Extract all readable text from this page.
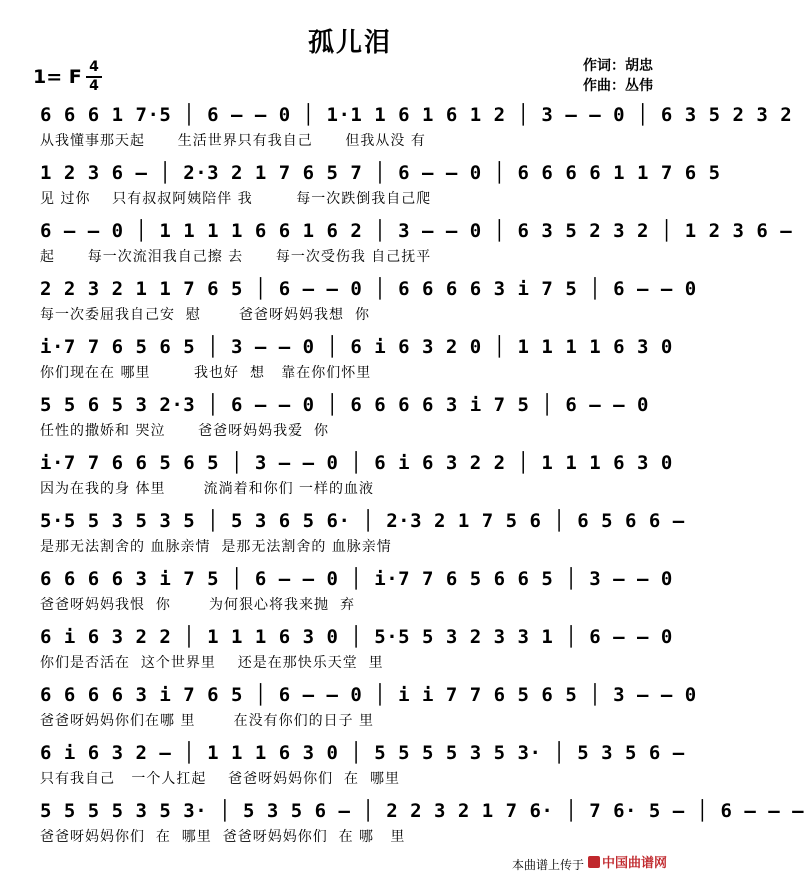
孤儿泪
1= F 4
4
作词：胡忠
作曲：丛伟
6 6 6 1 7·5 │ 6 — — 0 │ 1·1 1 6 1 6 1 2 │ 3 — — 0 │ 6 3 5 2 3 2
从我懂事那天起      生活世界只有我自己      但我从没 有
1 2 3 6 — │ 2·3 2 1 7 6 5 7 │ 6 — — 0 │ 6 6 6 6 1 1 7 6 5
见 过你    只有叔叔阿姨陪伴 我        每一次跌倒我自己爬
6 — — 0 │ 1 1 1 1 6 6 1 6 2 │ 3 — — 0 │ 6 3 5 2 3 2 │ 1 2 3 6 —
起      每一次流泪我自己擦 去      每一次受伤我 自己抚平
2 2 3 2 1 1 7 6 5 │ 6 — — 0 │ 6 6 6 6 3 i 7 5 │ 6 — — 0
每一次委屈我自己安  慰       爸爸呀妈妈我想  你
i·7 7 6 5 6 5 │ 3 — — 0 │ 6 i 6 3 2 0 │ 1 1 1 1 6 3 0
你们现在在 哪里        我也好  想   靠在你们怀里
5 5 6 5 3 2·3 │ 6 — — 0 │ 6 6 6 6 3 i 7 5 │ 6 — — 0
任性的撒娇和 哭泣      爸爸呀妈妈我爱  你
i·7 7 6 6 5 6 5 │ 3 — — 0 │ 6 i 6 3 2 2 │ 1 1 1 6 3 0
因为在我的身 体里       流淌着和你们 一样的血液
5·5 5 3 5 3 5 │ 5 3 6 5 6· │ 2·3 2 1 7 5 6 │ 6 5 6 6 —
是那无法割舍的 血脉亲情  是那无法割舍的 血脉亲情
6 6 6 6 3 i 7 5 │ 6 — — 0 │ i·7 7 6 5 6 6 5 │ 3 — — 0
爸爸呀妈妈我恨  你       为何狠心将我来抛  弃
6 i 6 3 2 2 │ 1 1 1 6 3 0 │ 5·5 5 3 2 3 3 1 │ 6 — — 0
你们是否活在  这个世界里    还是在那快乐天堂  里
6 6 6 6 3 i 7 6 5 │ 6 — — 0 │ i i 7 7 6 5 6 5 │ 3 — — 0
爸爸呀妈妈你们在哪 里       在没有你们的日子 里
6 i 6 3 2 — │ 1 1 1 6 3 0 │ 5 5 5 5 3 5 3· │ 5 3 5 6 —
只有我自己   一个人扛起    爸爸呀妈妈你们  在  哪里
5 5 5 5 3 5 3· │ 5 3 5 6 — │ 2 2 3 2 1 7 6· │ 7 6· 5 — │ 6 — — —
爸爸呀妈妈你们  在  哪里  爸爸呀妈妈你们  在 哪   里
本曲谱上传于	中国曲谱网
